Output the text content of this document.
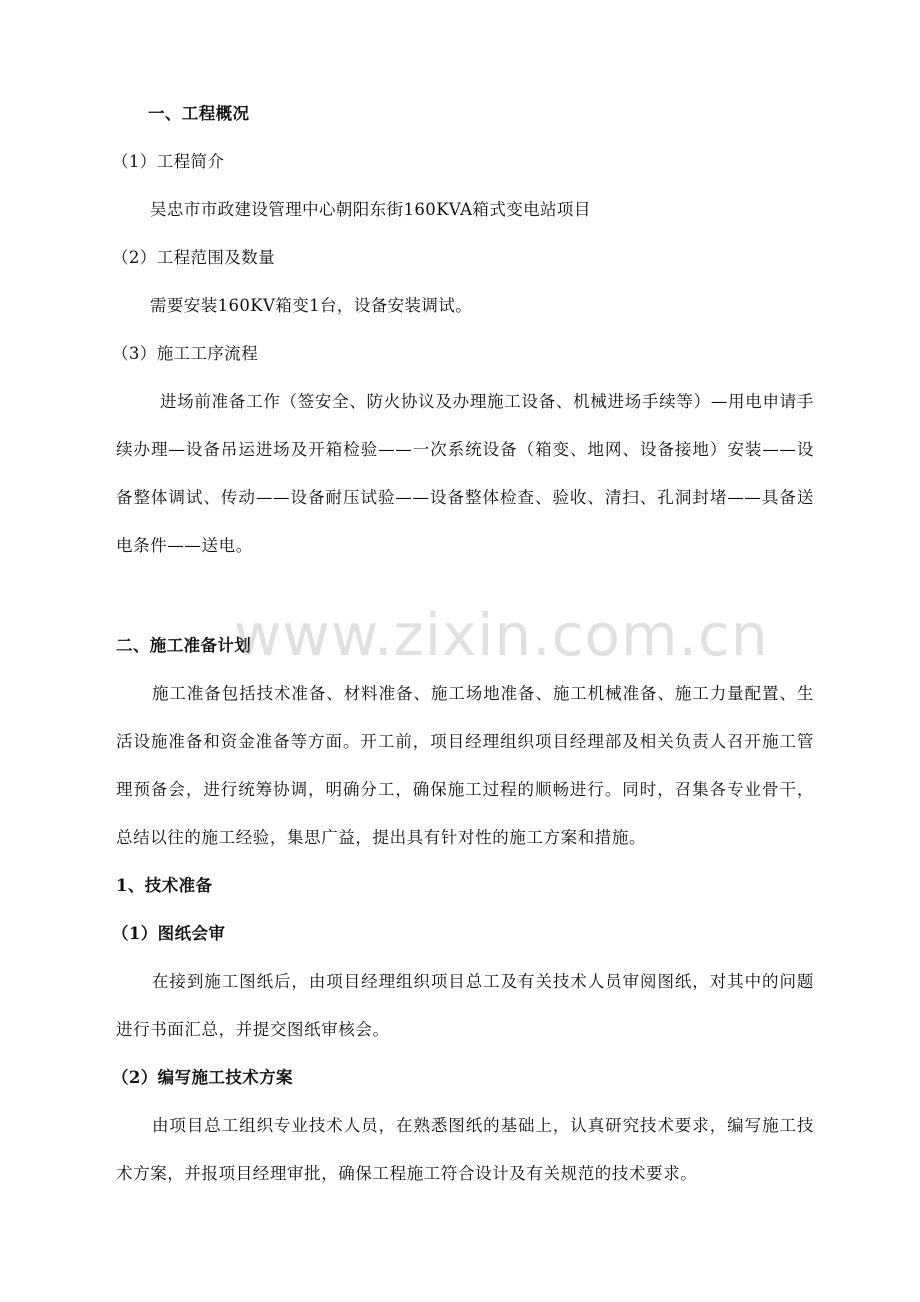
一、工程概况
（1）工程简介
吴忠市市政建设管理中心朝阳东街160KVA箱式变电站项目
（2）工程范围及数量
需要安装160KV箱变1台，设备安装调试。
（3）施工工序流程
进场前准备工作（签安全、防火协议及办理施工设备、机械进场手续等）—用电申请手续办理—设备吊运进场及开箱检验——一次系统设备（箱变、地网、设备接地）安装——设备整体调试、传动——设备耐压试验——设备整体检查、验收、清扫、孔洞封堵——具备送电条件——送电。
二、施工准备计划
施工准备包括技术准备、材料准备、施工场地准备、施工机械准备、施工力量配置、生活设施准备和资金准备等方面。开工前，项目经理组织项目经理部及相关负责人召开施工管理预备会，进行统筹协调，明确分工，确保施工过程的顺畅进行。同时，召集各专业骨干，总结以往的施工经验，集思广益，提出具有针对性的施工方案和措施。
1、技术准备
（1）图纸会审
在接到施工图纸后，由项目经理组织项目总工及有关技术人员审阅图纸，对其中的问题进行书面汇总，并提交图纸审核会。
（2）编写施工技术方案
由项目总工组织专业技术人员，在熟悉图纸的基础上，认真研究技术要求，编写施工技术方案，并报项目经理审批，确保工程施工符合设计及有关规范的技术要求。
www.zixin.com.cn
